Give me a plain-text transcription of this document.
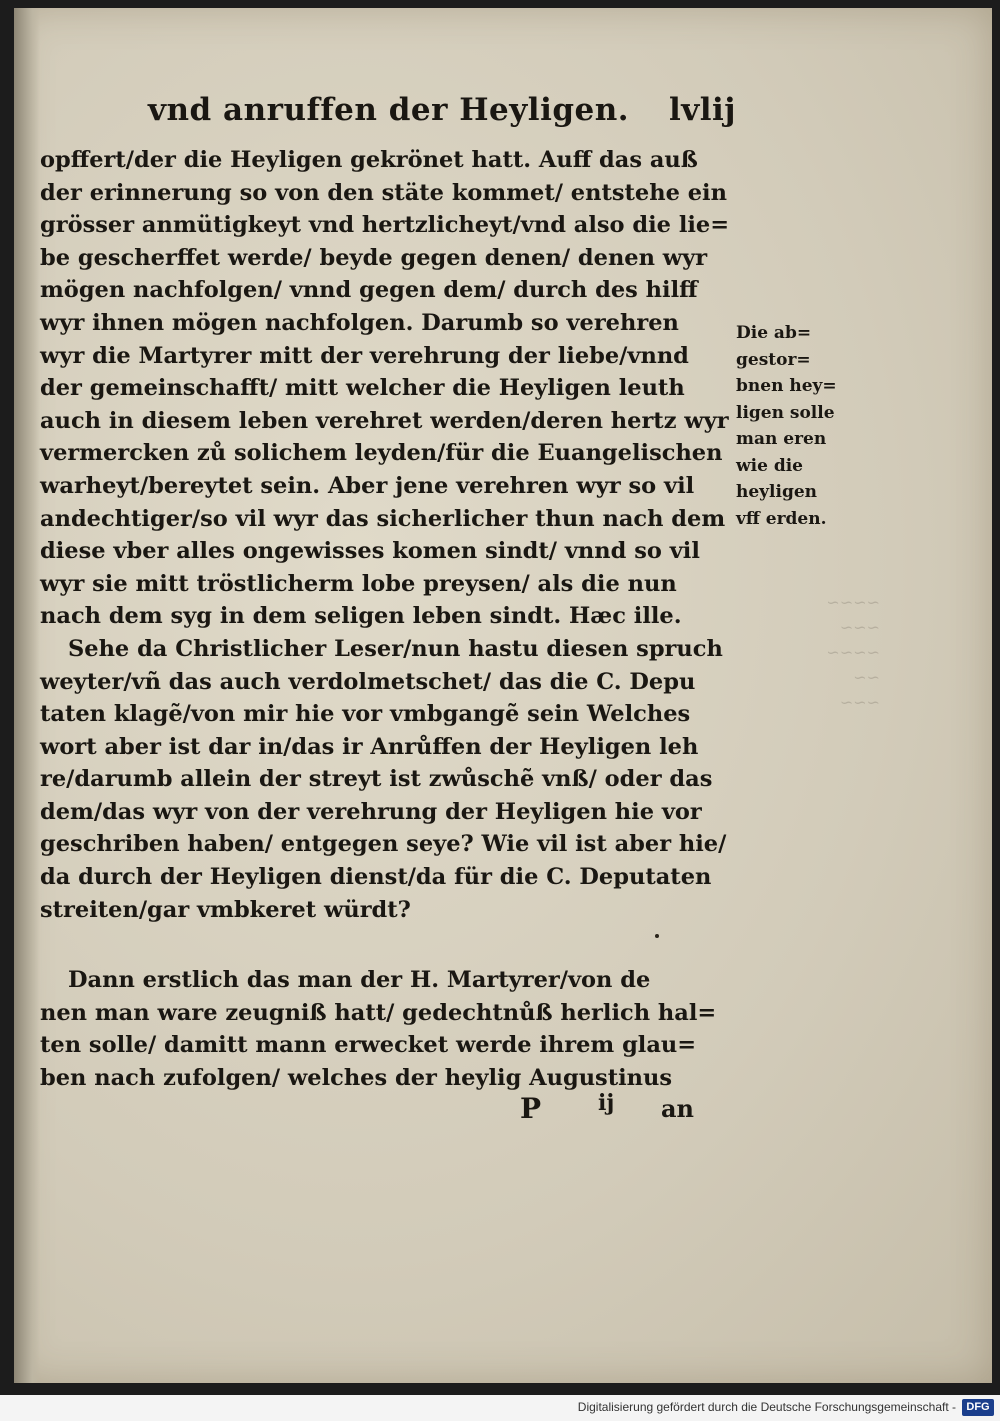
vnd anruffen der Heyligen. lvlij
opffert/der die Heyligen gekrönet hatt. Auff das auß
der erinnerung so von den stäte kommet/ entstehe ein
grösser anmütigkeyt vnd hertzlicheyt/vnd also die lie=
be gescherffet werde/ beyde gegen denen/ denen wyr
mögen nachfolgen/ vnnd gegen dem/ durch des hilff
wyr ihnen mögen nachfolgen. Darumb so verehren
wyr die Martyrer mitt der verehrung der liebe/vnnd
der gemeinschafft/ mitt welcher die Heyligen leuth
auch in diesem leben verehret werden/deren hertz wyr
vermercken zů solichem leyden/für die Euangelischen
warheyt/bereytet sein. Aber jene verehren wyr so vil
andechtiger/so vil wyr das sicherlicher thun nach dem
diese vber alles ongewisses komen sindt/ vnnd so vil
wyr sie mitt tröstlicherm lobe preysen/ als die nun
nach dem syg in dem seligen leben sindt. Hæc ille.
Sehe da Christlicher Leser/nun hastu diesen spruch
weyter/vñ das auch verdolmetschet/ das die C. Depu
taten klagẽ/von mir hie vor vmbgangẽ sein Welches
wort aber ist dar in/das ir Anrůffen der Heyligen leh
re/darumb allein der streyt ist zwůschẽ vnß/ oder das
dem/das wyr von der verehrung der Heyligen hie vor
geschriben haben/ entgegen seye? Wie vil ist aber hie/
da durch der Heyligen dienst/da für die C. Deputaten
streiten/gar vmbkeret würdt?
Dann erstlich das man der H. Martyrer/von de
nen man ware zeugniß hatt/ gedechtnůß herlich hal=
ten solle/ damitt mann erwecket werde ihrem glau=
ben nach zufolgen/ welches der heylig Augustinus
P	ij an
Die ab=
gestor=
bnen hey=
ligen solle
man eren
wie die
heyligen
vff erden.
~~~~
~~~
~~~~
~~
~~~
Digitalisierung gefördert durch die Deutsche Forschungsgemeinschaft - DFG
